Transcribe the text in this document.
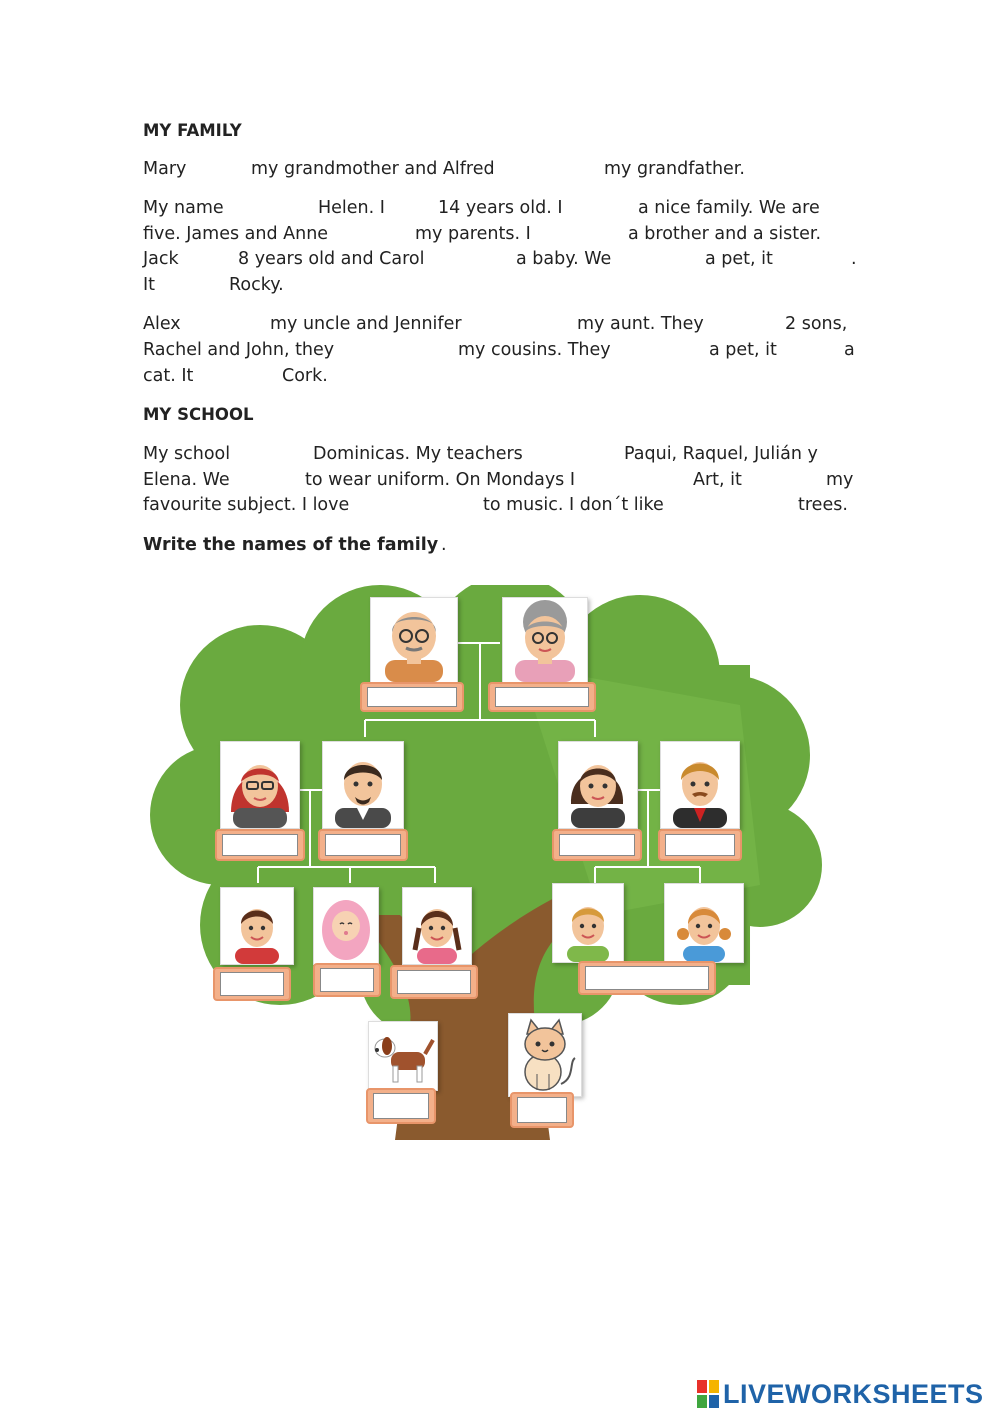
MY FAMILY
Mary	my grandmother and Alfred	my grandfather.
My name	Helen. I	14 years old. I	a nice family. We are
five. James and Anne	my parents. I	a brother and a sister.
Jack	8 years old and Carol	a baby. We	a pet, it	.
It	Rocky.
Alex	my uncle and Jennifer	my aunt. They	2 sons,
Rachel and John, they	my cousins. They	a pet, it	a
cat. It	Cork.
MY SCHOOL
My school	Dominicas. My teachers	Paqui, Raquel, Julián y
Elena. We	to wear uniform. On Mondays I	Art, it	my
favourite subject. I love	to music. I don´t like	trees.
Write the names of the family .
LIVEWORKSHEETS
